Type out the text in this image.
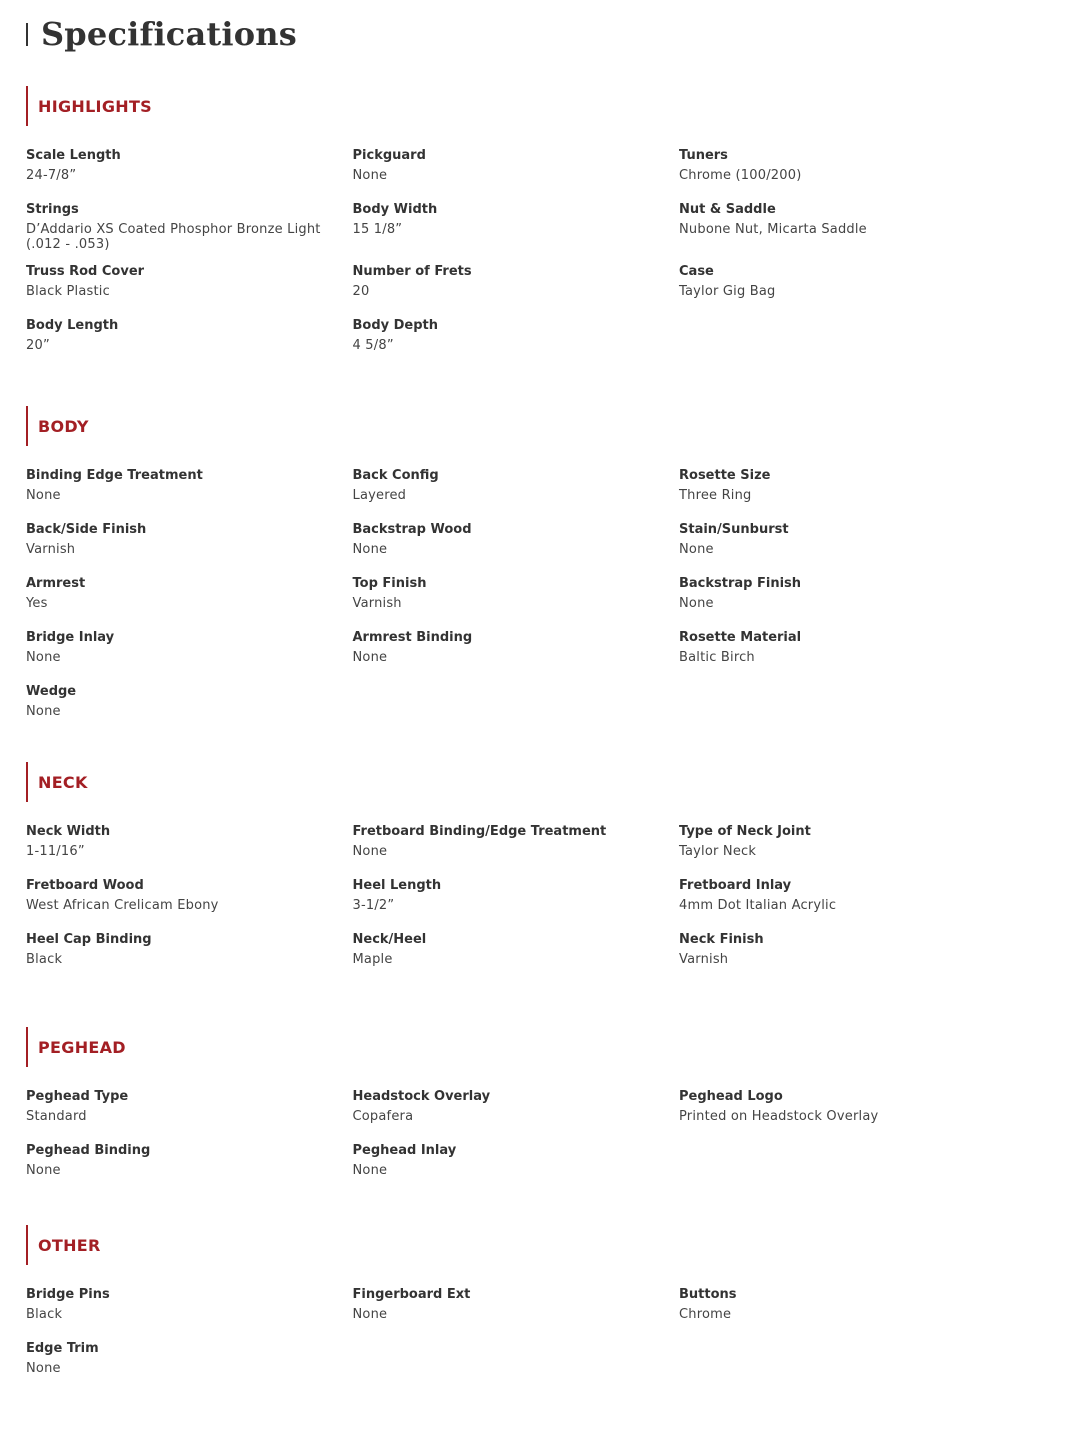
Specifications
HIGHLIGHTS
Scale Length
24-7/8”
Pickguard
None
Tuners
Chrome (100/200)
Strings
D’Addario XS Coated Phosphor Bronze Light (.012 - .053)
Body Width
15 1/8”
Nut & Saddle
Nubone Nut, Micarta Saddle
Truss Rod Cover
Black Plastic
Number of Frets
20
Case
Taylor Gig Bag
Body Length
20”
Body Depth
4 5/8”
BODY
Binding Edge Treatment
None
Back Config
Layered
Rosette Size
Three Ring
Back/Side Finish
Varnish
Backstrap Wood
None
Stain/Sunburst
None
Armrest
Yes
Top Finish
Varnish
Backstrap Finish
None
Bridge Inlay
None
Armrest Binding
None
Rosette Material
Baltic Birch
Wedge
None
NECK
Neck Width
1-11/16”
Fretboard Binding/Edge Treatment
None
Type of Neck Joint
Taylor Neck
Fretboard Wood
West African Crelicam Ebony
Heel Length
3-1/2”
Fretboard Inlay
4mm Dot Italian Acrylic
Heel Cap Binding
Black
Neck/Heel
Maple
Neck Finish
Varnish
PEGHEAD
Peghead Type
Standard
Headstock Overlay
Copafera
Peghead Logo
Printed on Headstock Overlay
Peghead Binding
None
Peghead Inlay
None
OTHER
Bridge Pins
Black
Fingerboard Ext
None
Buttons
Chrome
Edge Trim
None
